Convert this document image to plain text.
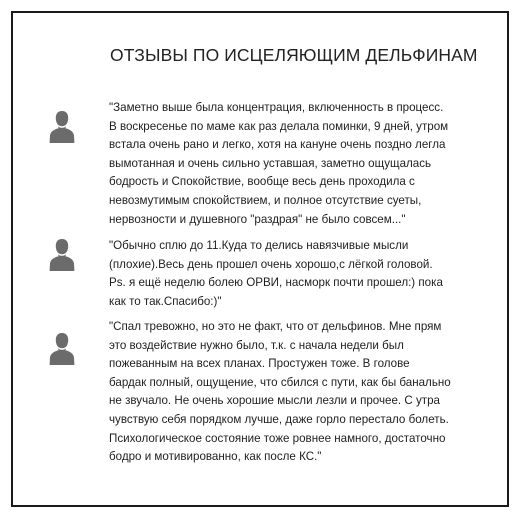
ОТЗЫВЫ ПО ИСЦЕЛЯЮЩИМ ДЕЛЬФИНАМ
"Заметно выше была концентрация, включенность в процесс.
В воскресенье по маме как раз делала поминки, 9 дней, утром
встала очень рано и легко, хотя на кануне очень поздно легла
вымотанная и очень сильно уставшая, заметно ощущалась
бодрость и Спокойствие, вообще весь день проходила с
невозмутимым спокойствием, и полное отсутствие суеты,
нервозности и душевного "раздрая" не было совсем..."
"Обычно сплю до 11.Куда то делись навязчивые мысли
(плохие).Весь день прошел очень хорошо,с лёгкой головой.
Ps. я ещё неделю болею ОРВИ, насморк почти прошел:) пока
как то так.Спасибо:)"
"Спал тревожно, но это не факт, что от дельфинов. Мне прям
это воздействие нужно было, т.к. с начала недели был
пожеванным на всех планах. Простужен тоже. В голове
бардак полный, ощущение, что сбился с пути, как бы банально
не звучало. Не очень хорошие мысли лезли и прочее. С утра
чувствую себя порядком лучше, даже горло перестало болеть.
Психологическое состояние тоже ровнее намного, достаточно
бодро и мотивированно, как после КС."
